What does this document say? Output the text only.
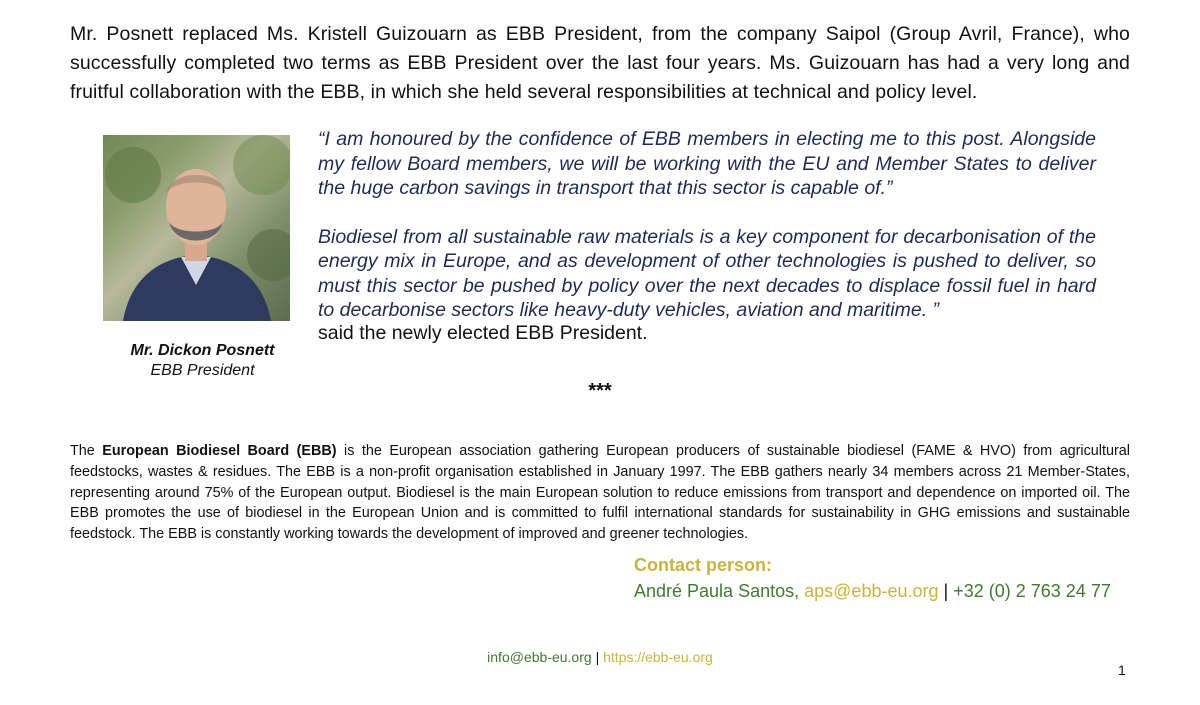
Mr. Posnett replaced Ms. Kristell Guizouarn as EBB President, from the company Saipol (Group Avril, France), who successfully completed two terms as EBB President over the last four years. Ms. Guizouarn has had a very long and fruitful collaboration with the EBB, in which she held several responsibilities at technical and policy level.
Mr. Dickon Posnett
EBB President

“I am honoured by the confidence of EBB members in electing me to this post. Alongside my fellow Board members, we will be working with the EU and Member States to deliver the huge carbon savings in transport that this sector is capable of.”

Biodiesel from all sustainable raw materials is a key component for decarbonisation of the energy mix in Europe, and as development of other technologies is pushed to deliver, so must this sector be pushed by policy over the next decades to displace fossil fuel in hard to decarbonise sectors like heavy-duty vehicles, aviation and maritime. ”

said the newly elected EBB President.
***
The European Biodiesel Board (EBB) is the European association gathering European producers of sustainable biodiesel (FAME & HVO) from agricultural feedstocks, wastes & residues. The EBB is a non-profit organisation established in January 1997. The EBB gathers nearly 34 members across 21 Member-States, representing around 75% of the European output. Biodiesel is the main European solution to reduce emissions from transport and dependence on imported oil. The EBB promotes the use of biodiesel in the European Union and is committed to fulfil international standards for sustainability in GHG emissions and sustainable feedstock. The EBB is constantly working towards the development of improved and greener technologies.
Contact person:
André Paula Santos, aps@ebb-eu.org | +32 (0) 2 763 24 77
info@ebb-eu.org | https://ebb-eu.org
1
